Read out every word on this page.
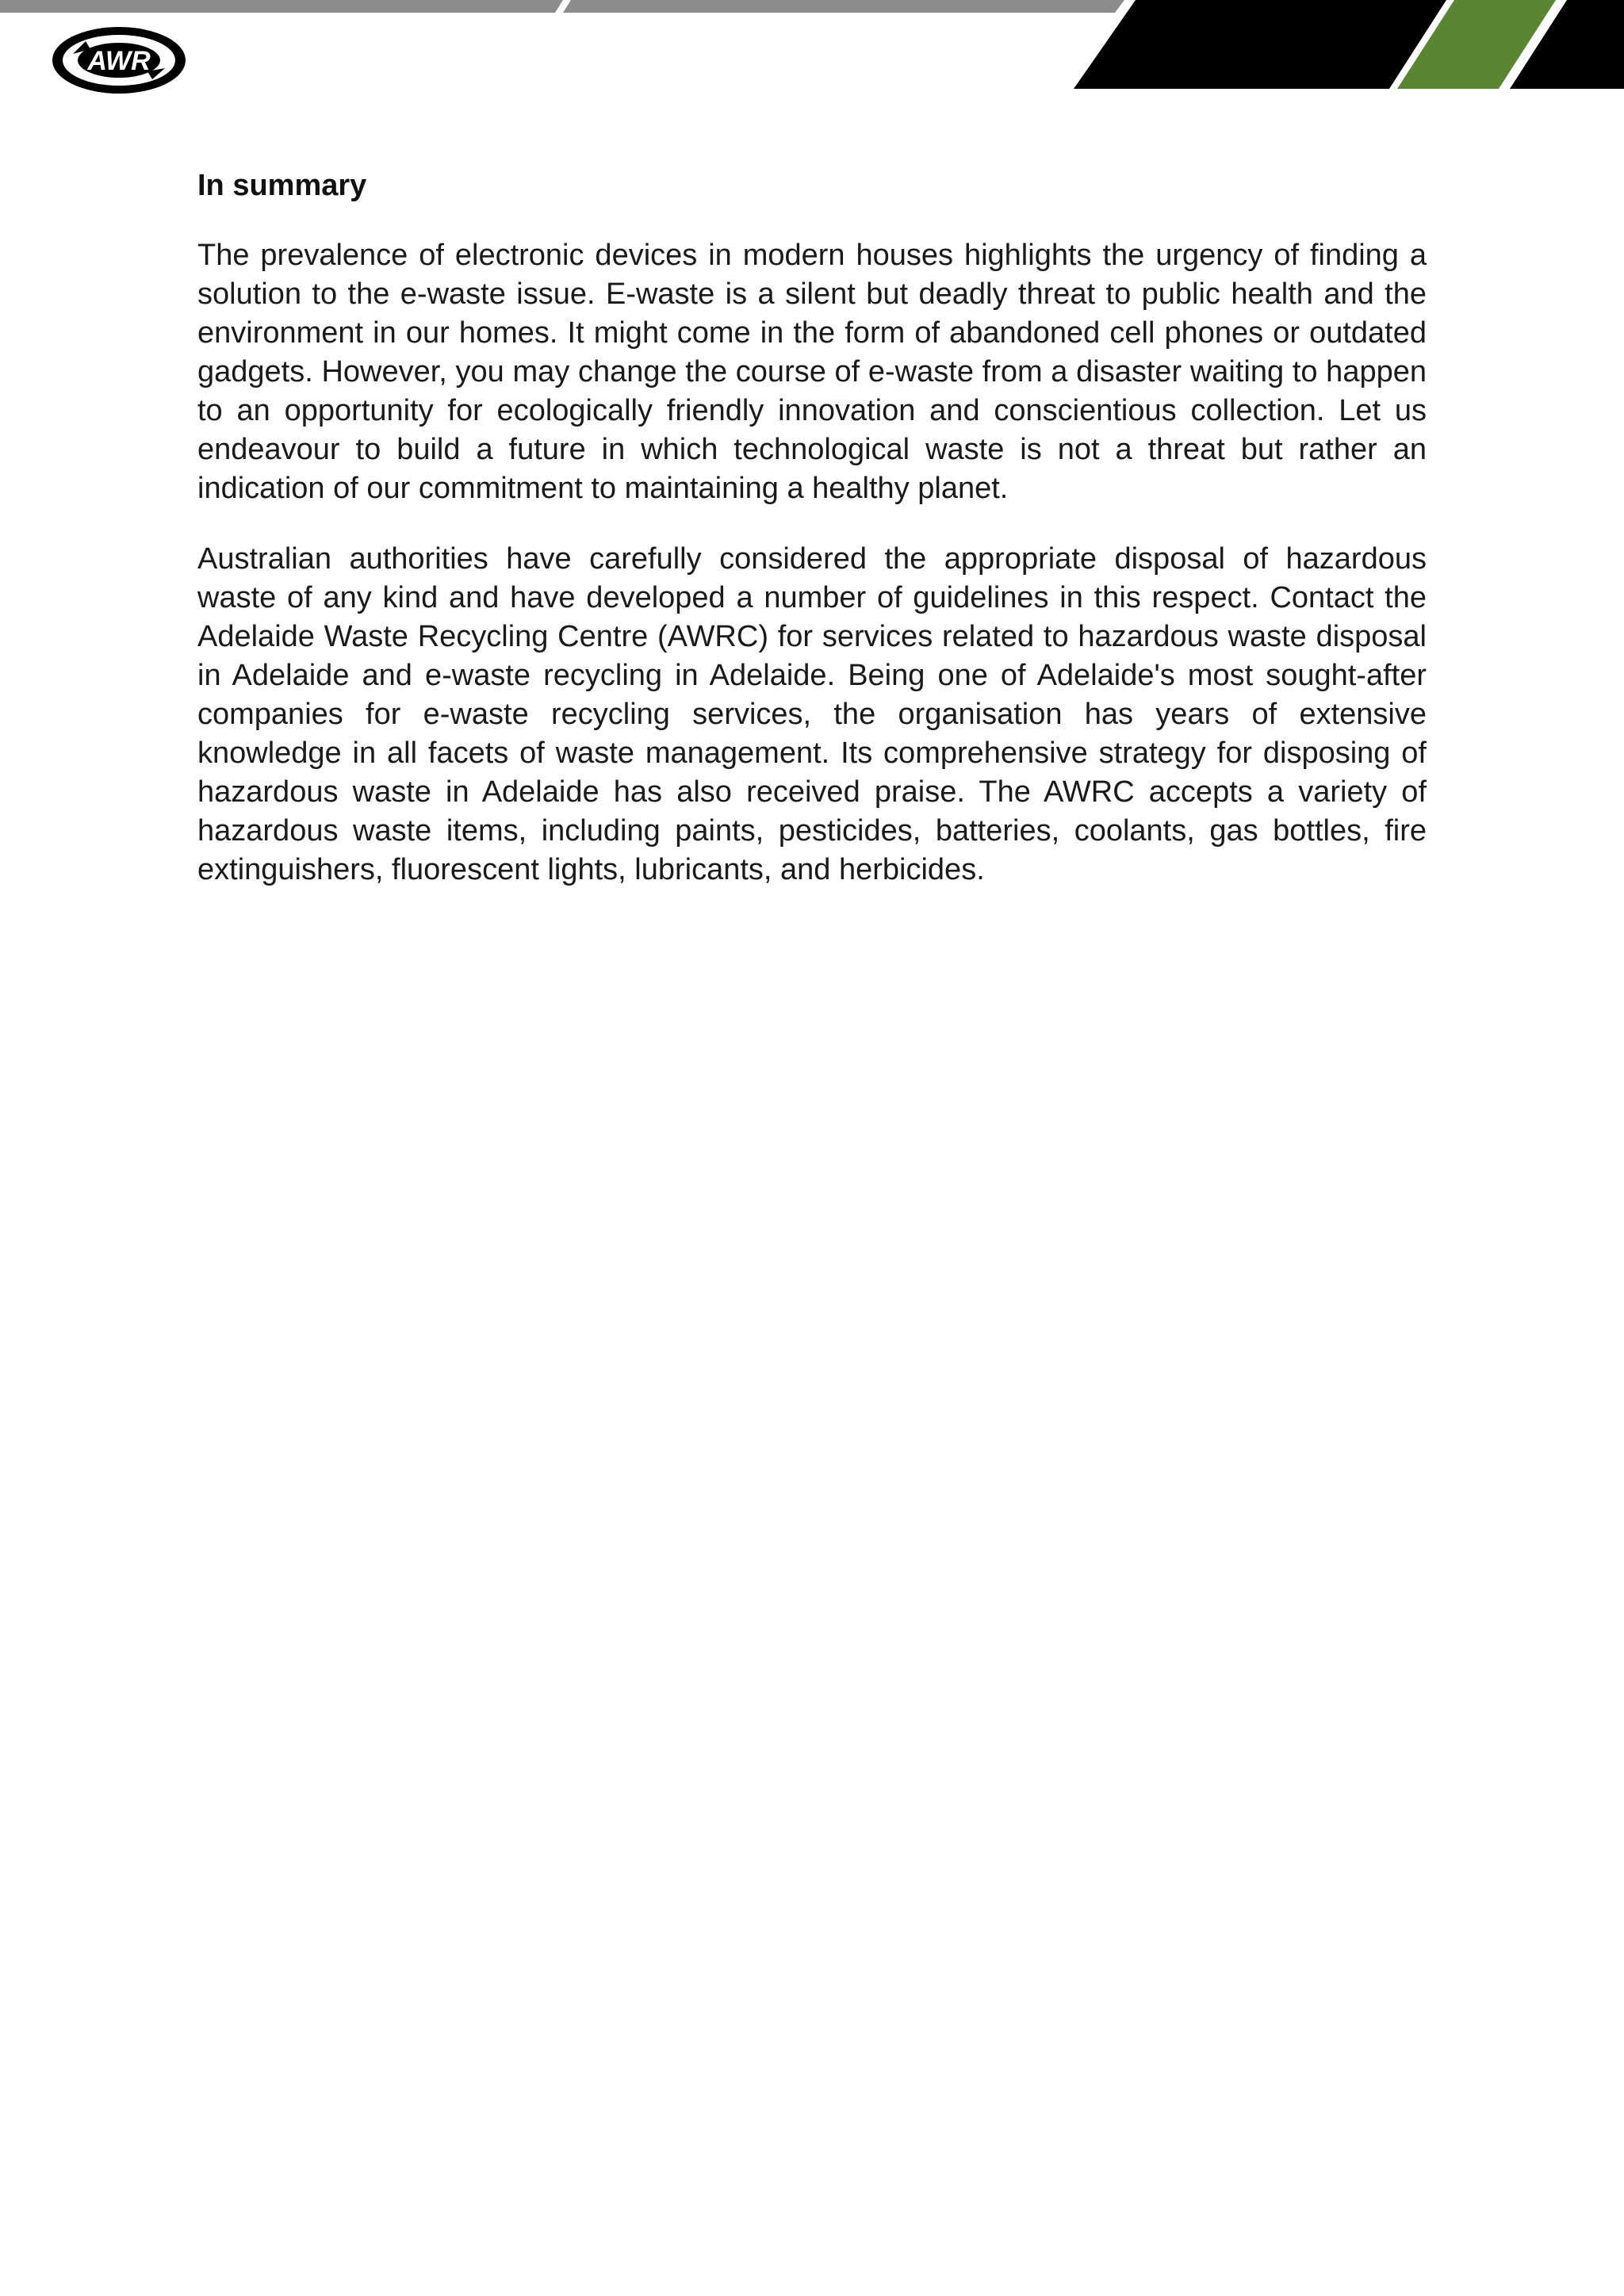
AWR
In summary

The prevalence of electronic devices in modern houses highlights the urgency of finding a solution to the e-waste issue. E-waste is a silent but deadly threat to public health and the environment in our homes. It might come in the form of abandoned cell phones or outdated gadgets. However, you may change the course of e-waste from a disaster waiting to happen to an opportunity for ecologically friendly innovation and conscientious collection. Let us endeavour to build a future in which technological waste is not a threat but rather an indication of our commitment to maintaining a healthy planet.

Australian authorities have carefully considered the appropriate disposal of hazardous waste of any kind and have developed a number of guidelines in this respect. Contact the Adelaide Waste Recycling Centre (AWRC) for services related to hazardous waste disposal in Adelaide and e-waste recycling in Adelaide. Being one of Adelaide's most sought-after companies for e-waste recycling services, the organisation has years of extensive knowledge in all facets of waste management. Its comprehensive strategy for disposing of hazardous waste in Adelaide has also received praise. The AWRC accepts a variety of hazardous waste items, including paints, pesticides, batteries, coolants, gas bottles, fire extinguishers, fluorescent lights, lubricants, and herbicides.
